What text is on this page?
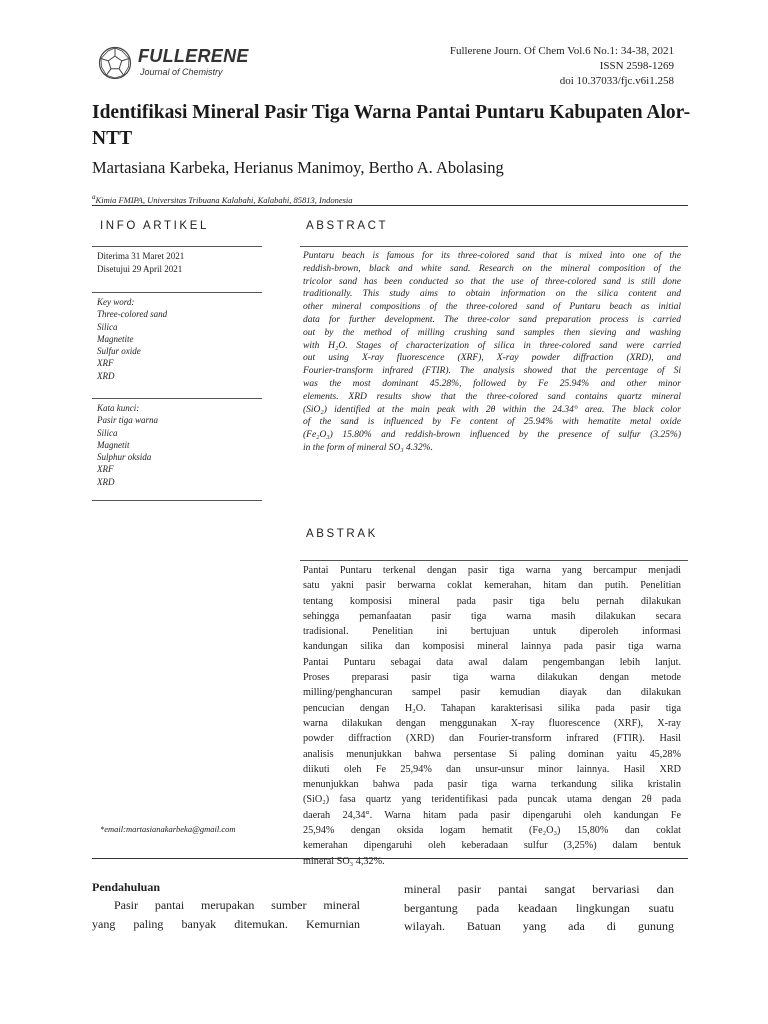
FULLERENE
Journal of Chemistry
Fullerene Journ. Of Chem Vol.6 No.1: 34-38, 2021
ISSN 2598-1269
doi 10.37033/fjc.v6i1.258
Identifikasi Mineral Pasir Tiga Warna Pantai Puntaru Kabupaten Alor-NTT
Martasiana Karbeka, Herianus Manimoy, Bertho A. Abolasing
$^a$Kimia FMIPA, Universitas Tribuana Kalabahi, Kalabahi, 85813, Indonesia
INFO ARTIKEL
Diterima 31 Maret 2021
Disetujui 29 April 2021
Key word:
Three-colored sand
Silica
Magnetite
Sulfur oxide
XRF
XRD
Kata kunci:
Pasir tiga warna
Silica
Magnetit
Sulphur oksida
XRF
XRD
*email:martasianakarbeka@gmail.com
ABSTRACT
Puntaru beach is famous for its three-colored sand that is mixed into one of the
reddish-brown, black and white sand. Research on the mineral composition of the
tricolor sand has been conducted so that the use of three-colored sand is still done
traditionally. This study aims to obtain information on the silica content and
other mineral compositions of the three-colored sand of Puntaru beach as initial
data for further development. The three-color sand preparation process is carried
out by the method of milling crushing sand samples then sieving and washing
with H₂O. Stages of characterization of silica in three-colored sand were carried
out using X-ray fluorescence (XRF), X-ray powder diffraction (XRD), and
Fourier-transform infrared (FTIR). The analysis showed that the percentage of Si
was the most dominant 45.28%, followed by Fe 25.94% and other minor
elements. XRD results show that the three-colored sand contains quartz mineral
(SiO₂) identified at the main peak with 2θ within the 24.34° area. The black color
of the sand is influenced by Fe content of 25.94% with hematite metal oxide
(Fe₂O₃) 15.80% and reddish-brown influenced by the presence of sulfur (3.25%)
in the form of mineral SO₃ 4.32%.
ABSTRAK
Pantai Puntaru terkenal dengan pasir tiga warna yang bercampur menjadi
satu yakni pasir berwarna coklat kemerahan, hitam dan putih. Penelitian
tentang komposisi mineral pada pasir tiga belu pernah dilakukan
sehingga pemanfaatan pasir tiga warna masih dilakukan secara
tradisional. Penelitian ini bertujuan untuk diperoleh informasi
kandungan silika dan komposisi mineral lainnya pada pasir tiga warna
Pantai Puntaru sebagai data awal dalam pengembangan lebih lanjut.
Proses preparasi pasir tiga warna dilakukan dengan metode
milling/penghancuran sampel pasir kemudian diayak dan dilakukan
pencucian dengan H₂O. Tahapan karakterisasi silika pada pasir tiga
warna dilakukan dengan menggunakan X-ray fluorescence (XRF), X-ray
powder diffraction (XRD) dan Fourier-transform infrared (FTIR). Hasil
analisis menunjukkan bahwa persentase Si paling dominan yaitu 45,28%
diikuti oleh Fe 25,94% dan unsur-unsur minor lainnya. Hasil XRD
menunjukkan bahwa pada pasir tiga warna terkandung silika kristalin
(SiO₂) fasa quartz yang teridentifikasi pada puncak utama dengan 2θ pada
daerah 24,34°. Warna hitam pada pasir dipengaruhi oleh kandungan Fe
25,94% dengan oksida logam hematit (Fe₂O₃) 15,80% dan coklat
kemerahan dipengaruhi oleh keberadaan sulfur (3,25%) dalam bentuk
mineral SO₃ 4,32%.
Pendahuluan
Pasir pantai merupakan sumber mineral
yang paling banyak ditemukan. Kemurnian
mineral pasir pantai sangat bervariasi dan
bergantung pada keadaan lingkungan suatu
wilayah. Batuan yang ada di gunung
